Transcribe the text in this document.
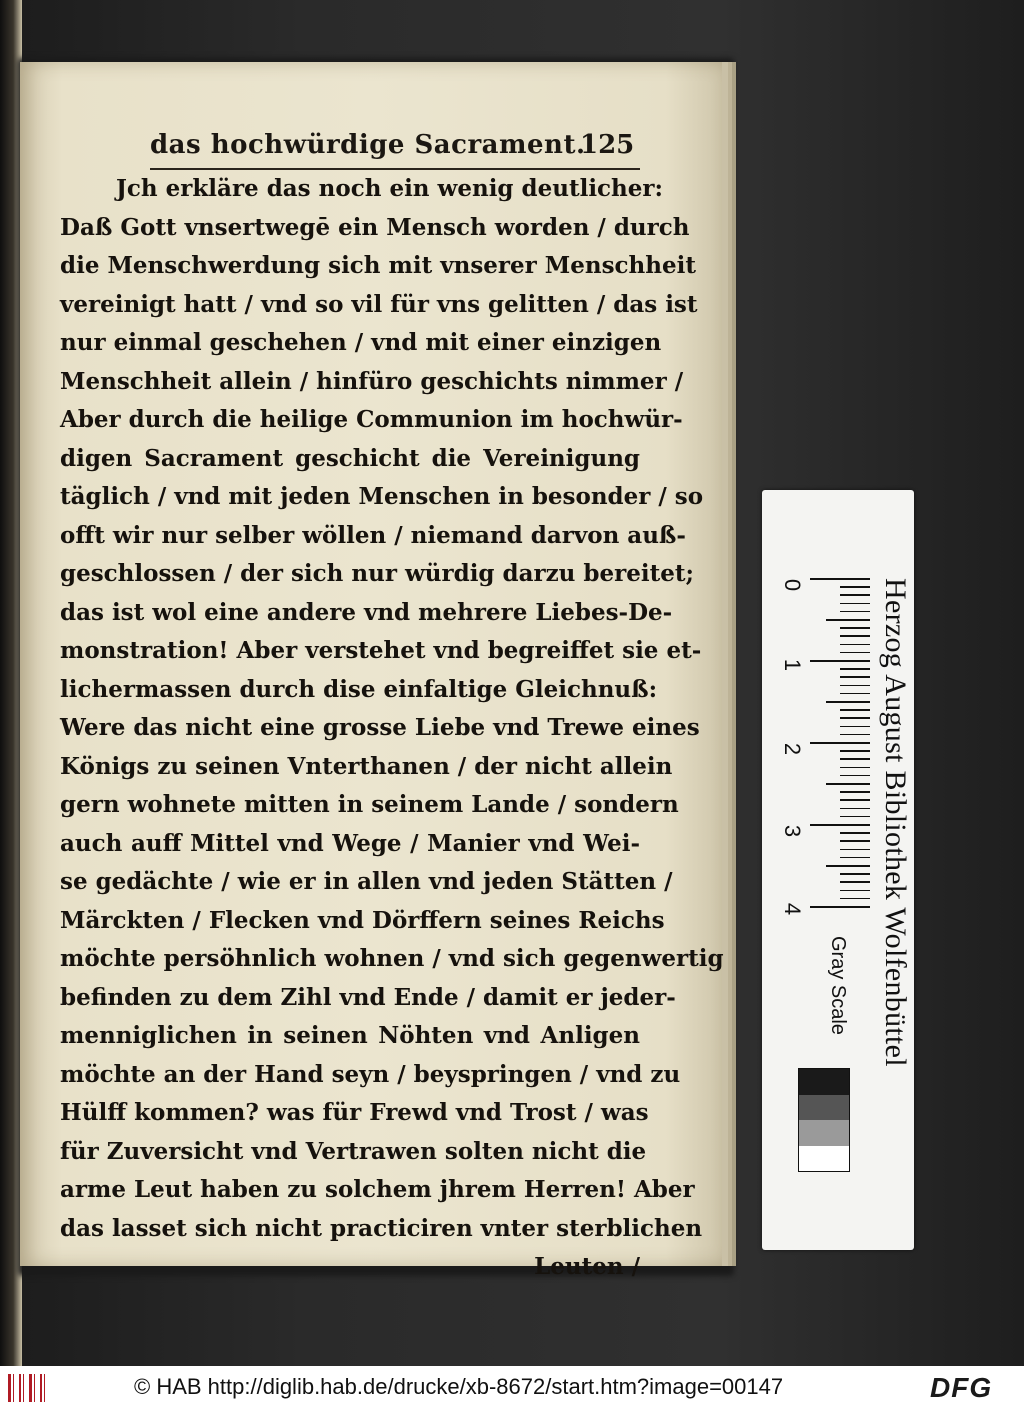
das hochwürdige Sacrament.
125
Jch erkläre das noch ein wenig deutlicher:
Daß Gott vnsertwegē ein Mensch worden / durch
die Menschwerdung sich mit vnserer Menschheit
vereinigt hatt / vnd so vil für vns gelitten / das ist
nur einmal geschehen / vnd mit einer einzigen
Menschheit allein / hinfüro geschichts nimmer /
Aber durch die heilige Communion im hochwür-
digen Sacrament geschicht die Vereinigung
täglich / vnd mit jeden Menschen in besonder / so
offt wir nur selber wöllen / niemand darvon auß-
geschlossen / der sich nur würdig darzu bereitet;
das ist wol eine andere vnd mehrere Liebes-De-
monstration! Aber verstehet vnd begreiffet sie et-
lichermassen durch dise einfaltige Gleichnuß:
Were das nicht eine grosse Liebe vnd Trewe eines
Königs zu seinen Vnterthanen / der nicht allein
gern wohnete mitten in seinem Lande / sondern
auch auff Mittel vnd Wege / Manier vnd Wei-
se gedächte / wie er in allen vnd jeden Stätten /
Märckten / Flecken vnd Dörffern seines Reichs
möchte persöhnlich wohnen / vnd sich gegenwertig
befinden zu dem Zihl vnd Ende / damit er jeder-
menniglichen in seinen Nöhten vnd Anligen
möchte an der Hand seyn / beyspringen / vnd zu
Hülff kommen? was für Frewd vnd Trost / was
für Zuversicht vnd Vertrawen solten nicht die
arme Leut haben zu solchem jhrem Herren! Aber
das lasset sich nicht practiciren vnter sterblichen
Leuten /
Herzog August Bibliothek Wolfenbüttel
0
1
2
3
4
Gray Scale
© HAB http://diglib.hab.de/drucke/xb-8672/start.htm?image=00147	DFG
